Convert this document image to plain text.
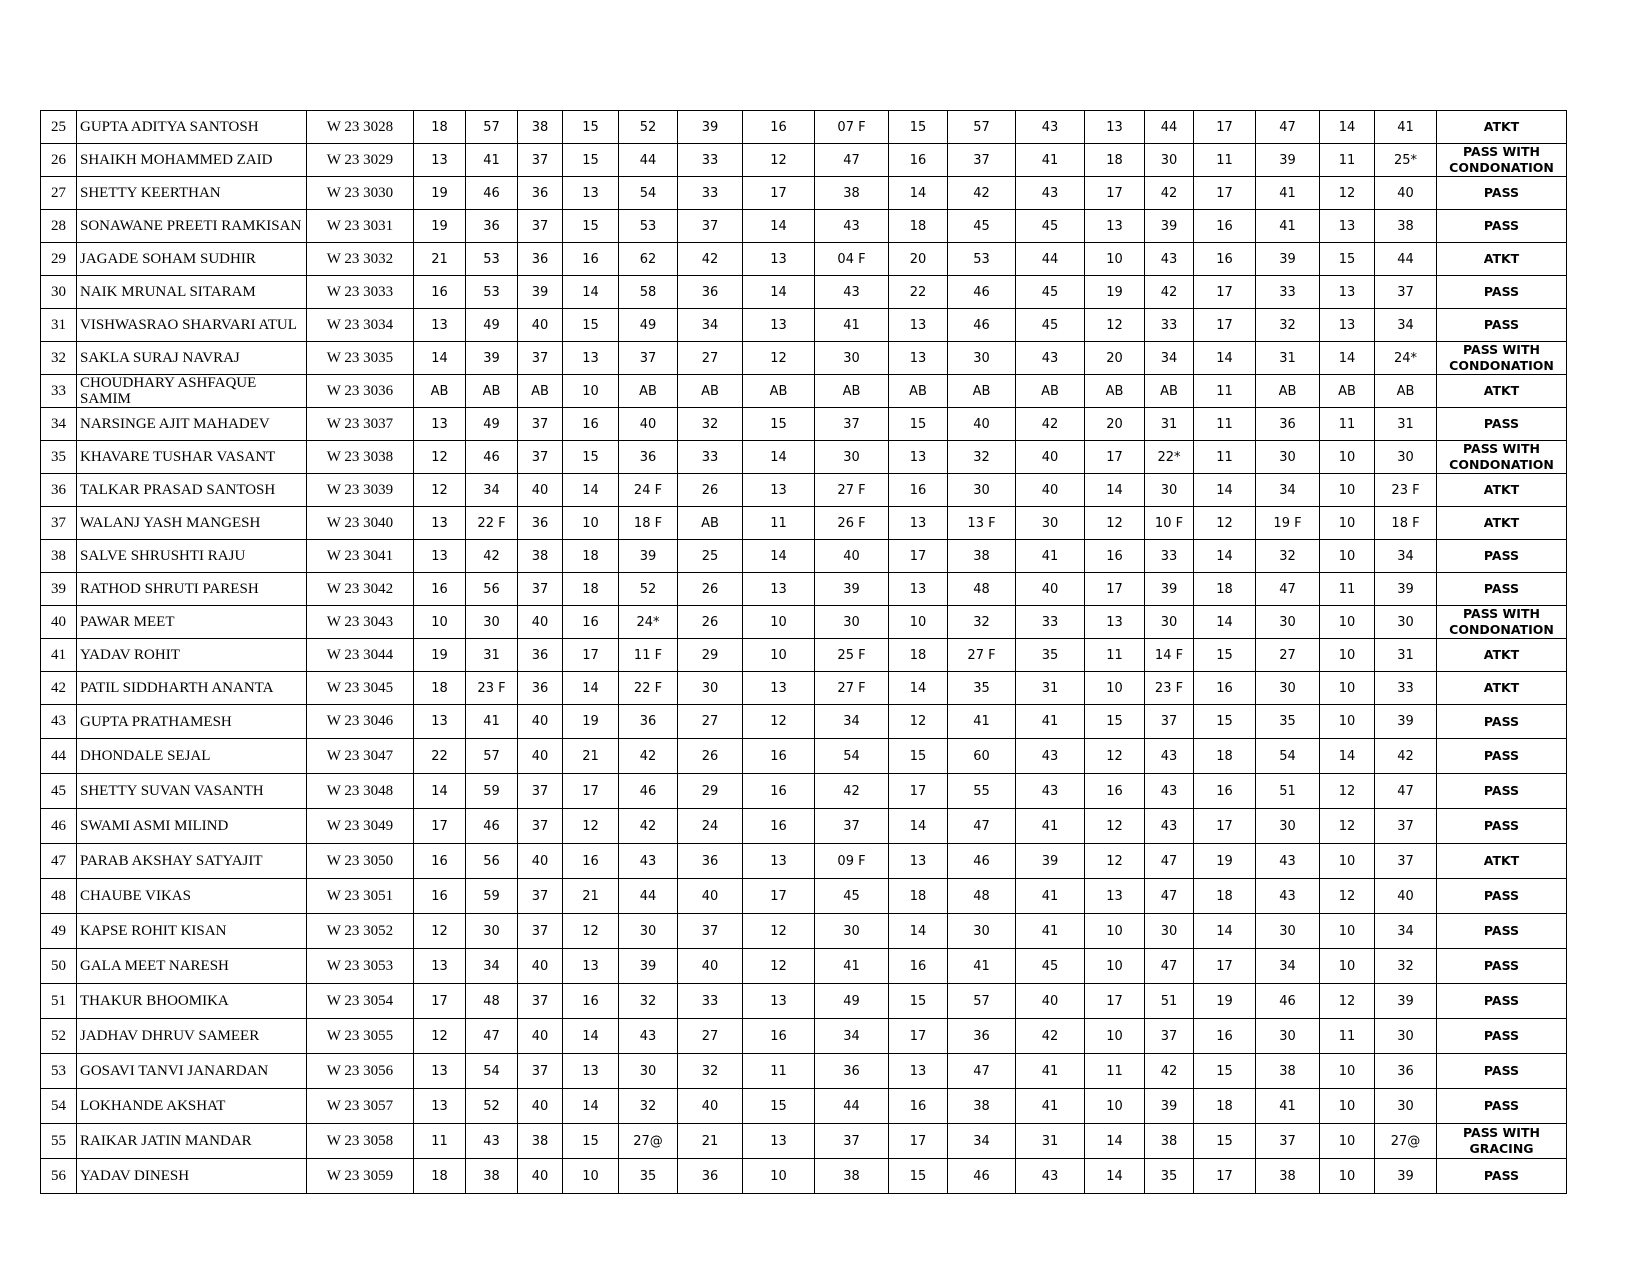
25	GUPTA ADITYA SANTOSH	W 23 3028	18	57	38	15	52	39	16	07 F	15	57	43	13	44	17	47	14	41	ATKT
26	SHAIKH MOHAMMED ZAID	W 23 3029	13	41	37	15	44	33	12	47	16	37	41	18	30	11	39	11	25*	PASS WITH CONDONATION
27	SHETTY KEERTHAN	W 23 3030	19	46	36	13	54	33	17	38	14	42	43	17	42	17	41	12	40	PASS
28	SONAWANE PREETI RAMKISAN	W 23 3031	19	36	37	15	53	37	14	43	18	45	45	13	39	16	41	13	38	PASS
29	JAGADE SOHAM SUDHIR	W 23 3032	21	53	36	16	62	42	13	04 F	20	53	44	10	43	16	39	15	44	ATKT
30	NAIK MRUNAL SITARAM	W 23 3033	16	53	39	14	58	36	14	43	22	46	45	19	42	17	33	13	37	PASS
31	VISHWASRAO SHARVARI ATUL	W 23 3034	13	49	40	15	49	34	13	41	13	46	45	12	33	17	32	13	34	PASS
32	SAKLA SURAJ NAVRAJ	W 23 3035	14	39	37	13	37	27	12	30	13	30	43	20	34	14	31	14	24*	PASS WITH CONDONATION
33	CHOUDHARY ASHFAQUE SAMIM	W 23 3036	AB	AB	AB	10	AB	AB	AB	AB	AB	AB	AB	AB	AB	11	AB	AB	AB	ATKT
34	NARSINGE AJIT MAHADEV	W 23 3037	13	49	37	16	40	32	15	37	15	40	42	20	31	11	36	11	31	PASS
35	KHAVARE TUSHAR VASANT	W 23 3038	12	46	37	15	36	33	14	30	13	32	40	17	22*	11	30	10	30	PASS WITH CONDONATION
36	TALKAR PRASAD SANTOSH	W 23 3039	12	34	40	14	24 F	26	13	27 F	16	30	40	14	30	14	34	10	23 F	ATKT
37	WALANJ YASH MANGESH	W 23 3040	13	22 F	36	10	18 F	AB	11	26 F	13	13 F	30	12	10 F	12	19 F	10	18 F	ATKT
38	SALVE SHRUSHTI RAJU	W 23 3041	13	42	38	18	39	25	14	40	17	38	41	16	33	14	32	10	34	PASS
39	RATHOD SHRUTI PARESH	W 23 3042	16	56	37	18	52	26	13	39	13	48	40	17	39	18	47	11	39	PASS
40	PAWAR MEET	W 23 3043	10	30	40	16	24*	26	10	30	10	32	33	13	30	14	30	10	30	PASS WITH CONDONATION
41	YADAV ROHIT	W 23 3044	19	31	36	17	11 F	29	10	25 F	18	27 F	35	11	14 F	15	27	10	31	ATKT
42	PATIL SIDDHARTH ANANTA	W 23 3045	18	23 F	36	14	22 F	30	13	27 F	14	35	31	10	23 F	16	30	10	33	ATKT
43	GUPTA PRATHAMESH	W 23 3046	13	41	40	19	36	27	12	34	12	41	41	15	37	15	35	10	39	PASS
44	DHONDALE SEJAL	W 23 3047	22	57	40	21	42	26	16	54	15	60	43	12	43	18	54	14	42	PASS
45	SHETTY SUVAN VASANTH	W 23 3048	14	59	37	17	46	29	16	42	17	55	43	16	43	16	51	12	47	PASS
46	SWAMI ASMI MILIND	W 23 3049	17	46	37	12	42	24	16	37	14	47	41	12	43	17	30	12	37	PASS
47	PARAB AKSHAY SATYAJIT	W 23 3050	16	56	40	16	43	36	13	09 F	13	46	39	12	47	19	43	10	37	ATKT
48	CHAUBE VIKAS	W 23 3051	16	59	37	21	44	40	17	45	18	48	41	13	47	18	43	12	40	PASS
49	KAPSE ROHIT KISAN	W 23 3052	12	30	37	12	30	37	12	30	14	30	41	10	30	14	30	10	34	PASS
50	GALA MEET NARESH	W 23 3053	13	34	40	13	39	40	12	41	16	41	45	10	47	17	34	10	32	PASS
51	THAKUR BHOOMIKA	W 23 3054	17	48	37	16	32	33	13	49	15	57	40	17	51	19	46	12	39	PASS
52	JADHAV DHRUV SAMEER	W 23 3055	12	47	40	14	43	27	16	34	17	36	42	10	37	16	30	11	30	PASS
53	GOSAVI TANVI JANARDAN	W 23 3056	13	54	37	13	30	32	11	36	13	47	41	11	42	15	38	10	36	PASS
54	LOKHANDE AKSHAT	W 23 3057	13	52	40	14	32	40	15	44	16	38	41	10	39	18	41	10	30	PASS
55	RAIKAR JATIN MANDAR	W 23 3058	11	43	38	15	27@	21	13	37	17	34	31	14	38	15	37	10	27@	PASS WITH GRACING
56	YADAV DINESH	W 23 3059	18	38	40	10	35	36	10	38	15	46	43	14	35	17	38	10	39	PASS
